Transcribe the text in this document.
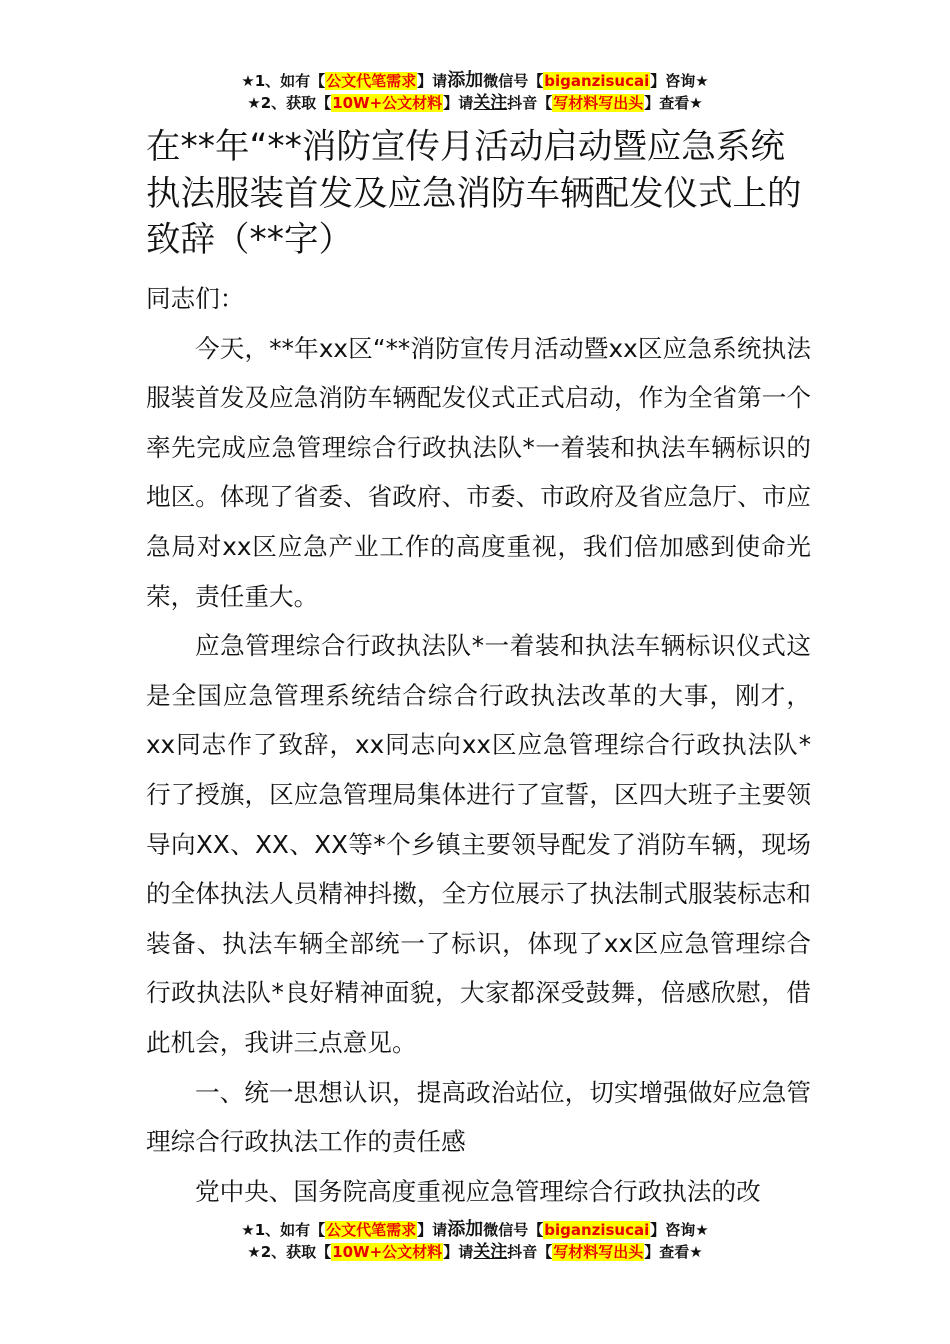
★1、如有【公文代笔需求】请添加微信号【biganzisucai】咨询★
★2、获取【10W+公文材料】请关注抖音【写材料写出头】查看★
在**年“**消防宣传月活动启动暨应急系统执法服装首发及应急消防车辆配发仪式上的致辞（**字）

同志们：

今天，**年xx区“**消防宣传月活动暨xx区应急系统执法服装首发及应急消防车辆配发仪式正式启动，作为全省第一个率先完成应急管理综合行政执法队*一着装和执法车辆标识的地区。体现了省委、省政府、市委、市政府及省应急厅、市应急局对xx区应急产业工作的高度重视，我们倍加感到使命光荣，责任重大。

应急管理综合行政执法队*一着装和执法车辆标识仪式这是全国应急管理系统结合综合行政执法改革的大事，刚才，xx同志作了致辞，xx同志向xx区应急管理综合行政执法队*行了授旗，区应急管理局集体进行了宣誓，区四大班子主要领导向XX、XX、XX等*个乡镇主要领导配发了消防车辆，现场的全体执法人员精神抖擞，全方位展示了执法制式服装标志和装备、执法车辆全部统一了标识，体现了xx区应急管理综合行政执法队*良好精神面貌，大家都深受鼓舞，倍感欣慰，借此机会，我讲三点意见。

一、统一思想认识，提高政治站位，切实增强做好应急管理综合行政执法工作的责任感

党中央、国务院高度重视应急管理综合行政执法的改

★1、如有【公文代笔需求】请添加微信号【biganzisucai】咨询★
★2、获取【10W+公文材料】请关注抖音【写材料写出头】查看★
